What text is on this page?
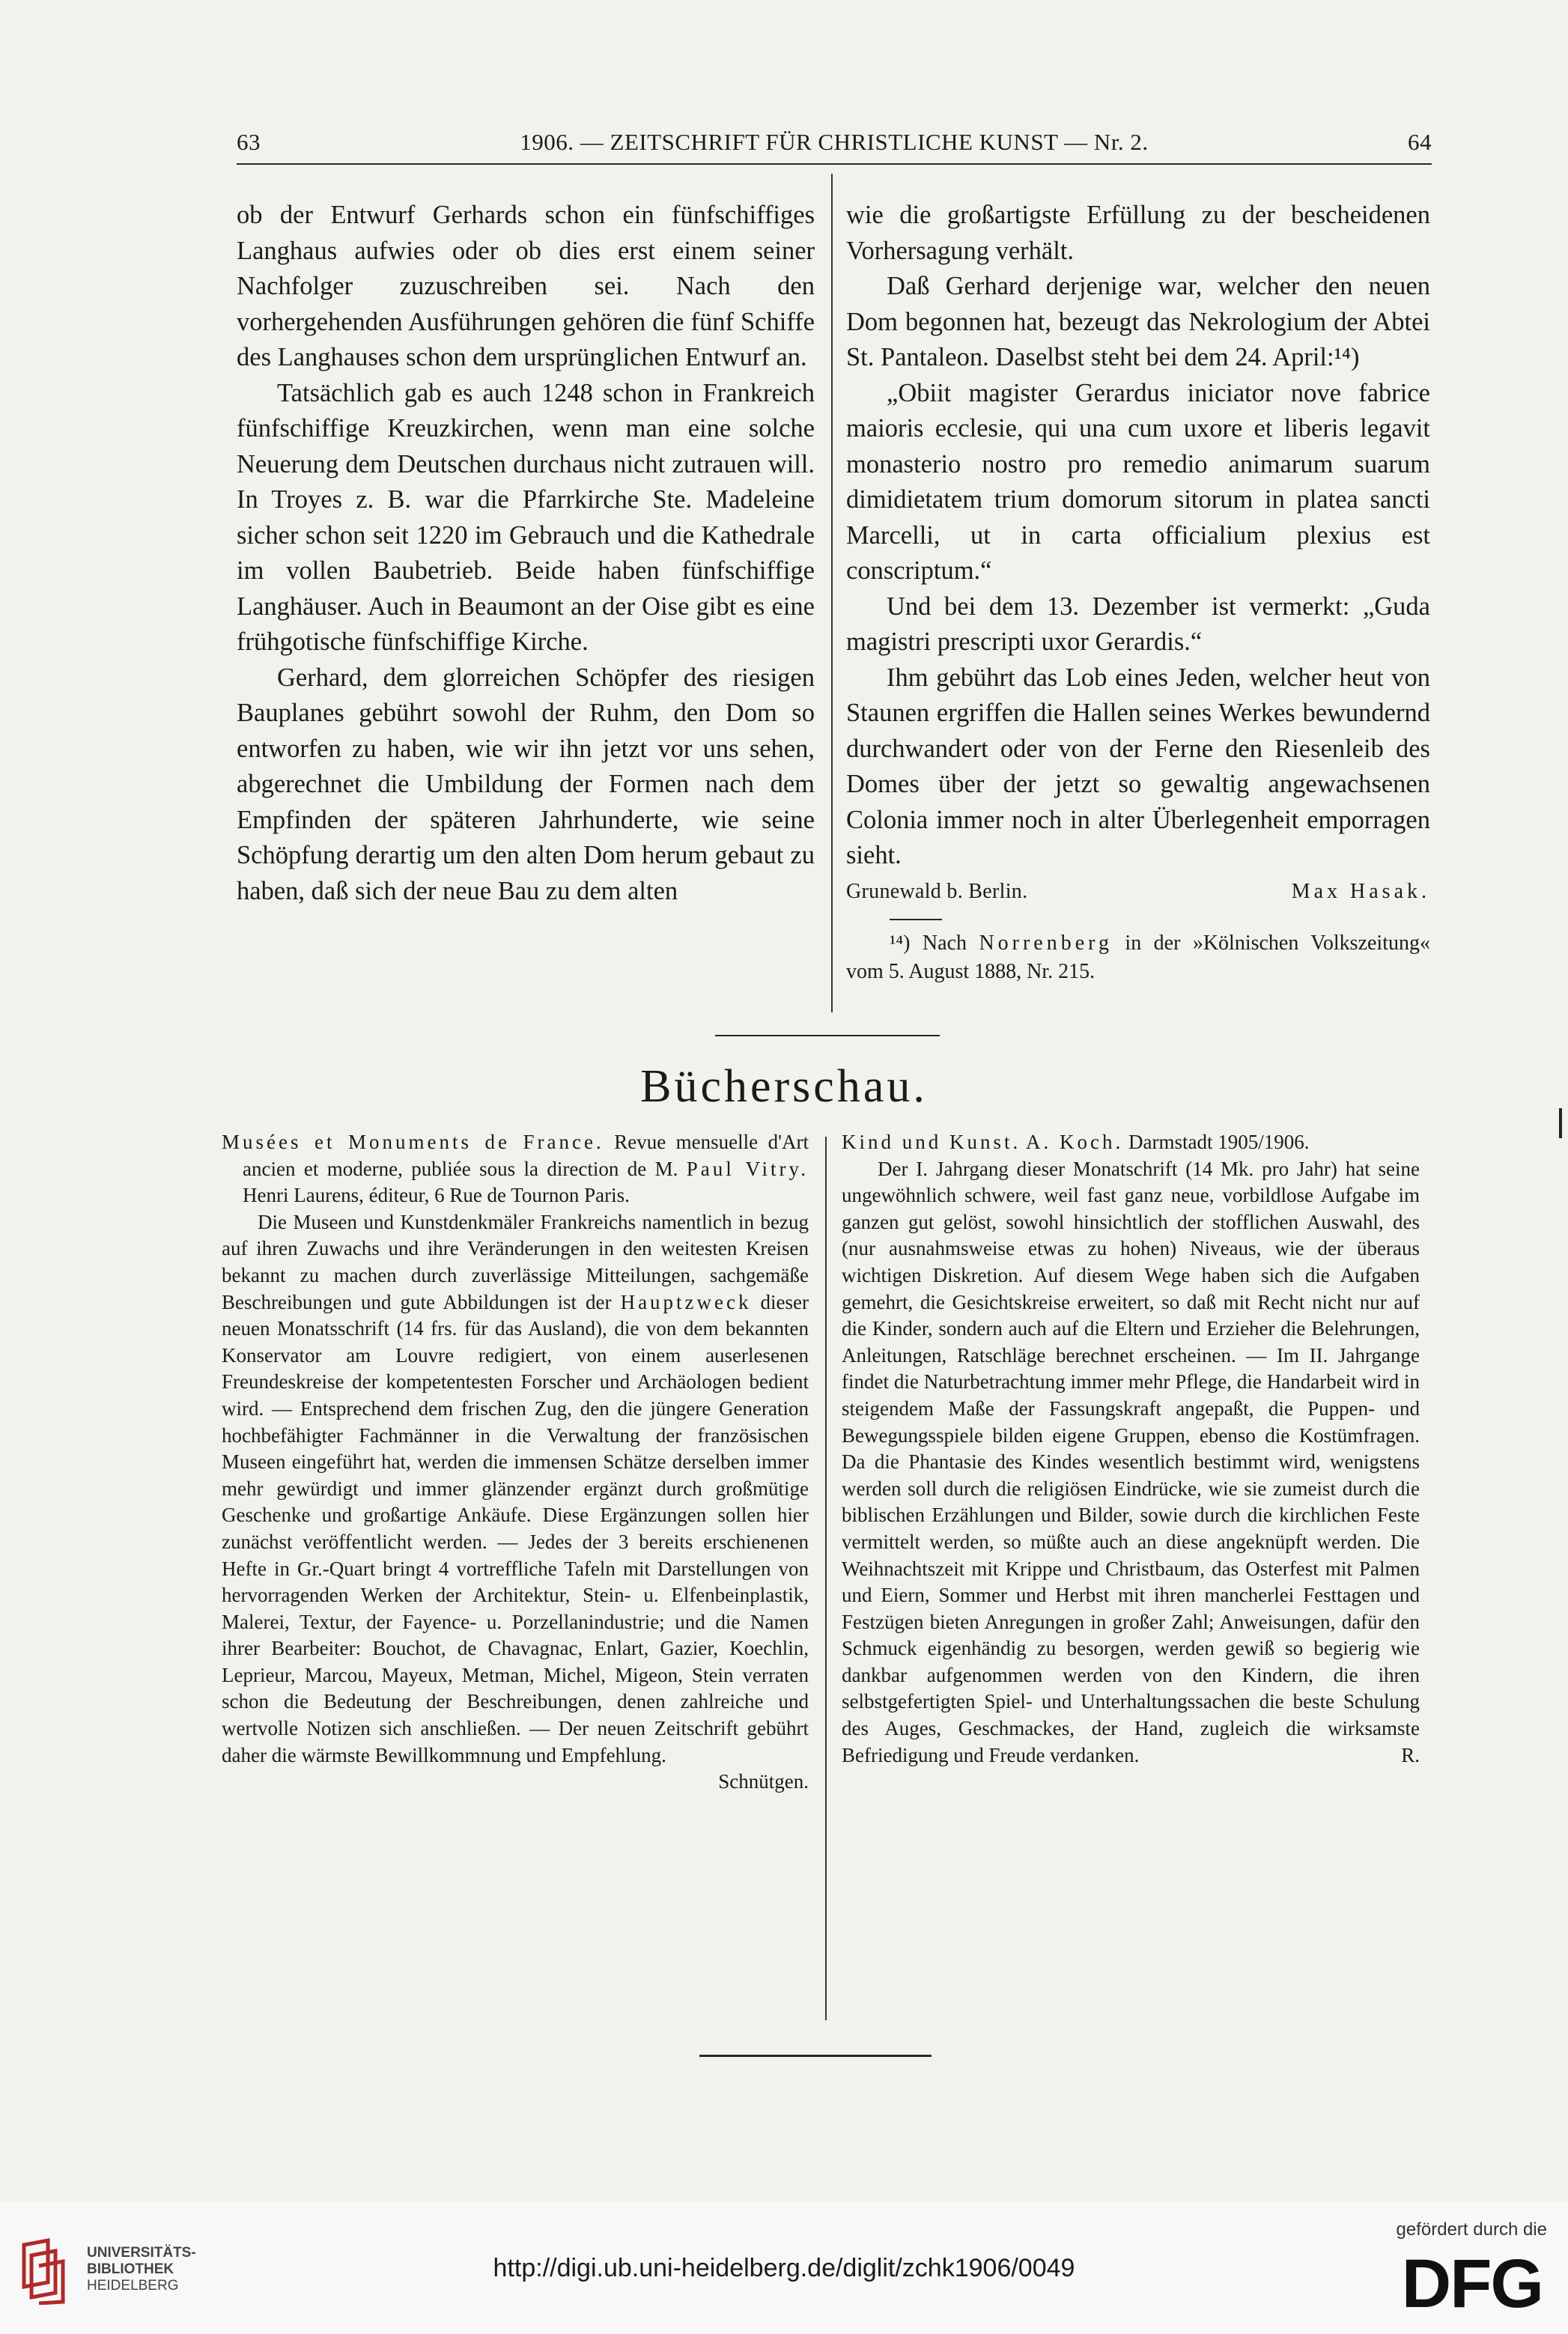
63	1906. — ZEITSCHRIFT FÜR CHRISTLICHE KUNST — Nr. 2.	64

ob der Entwurf Gerhards schon ein fünfschiffiges Langhaus aufwies oder ob dies erst einem seiner Nachfolger zuzuschreiben sei. Nach den vorhergehenden Ausführungen gehören die fünf Schiffe des Langhauses schon dem ursprünglichen Entwurf an.

Tatsächlich gab es auch 1248 schon in Frankreich fünfschiffige Kreuzkirchen, wenn man eine solche Neuerung dem Deutschen durchaus nicht zutrauen will. In Troyes z. B. war die Pfarrkirche Ste. Madeleine sicher schon seit 1220 im Gebrauch und die Kathedrale im vollen Baubetrieb. Beide haben fünfschiffige Langhäuser. Auch in Beaumont an der Oise gibt es eine frühgotische fünfschiffige Kirche.

Gerhard, dem glorreichen Schöpfer des riesigen Bauplanes gebührt sowohl der Ruhm, den Dom so entworfen zu haben, wie wir ihn jetzt vor uns sehen, abgerechnet die Umbildung der Formen nach dem Empfinden der späteren Jahrhunderte, wie seine Schöpfung derartig um den alten Dom herum gebaut zu haben, daß sich der neue Bau zu dem alten

wie die großartigste Erfüllung zu der bescheidenen Vorhersagung verhält.

Daß Gerhard derjenige war, welcher den neuen Dom begonnen hat, bezeugt das Nekrologium der Abtei St. Pantaleon. Daselbst steht bei dem 24. April:¹⁴)

„Obiit magister Gerardus iniciator nove fabrice maioris ecclesie, qui una cum uxore et liberis legavit monasterio nostro pro remedio animarum suarum dimidietatem trium domorum sitorum in platea sancti Marcelli, ut in carta officialium plexius est conscriptum.“

Und bei dem 13. Dezember ist vermerkt: „Guda magistri prescripti uxor Gerardis.“

Ihm gebührt das Lob eines Jeden, welcher heut von Staunen ergriffen die Hallen seines Werkes bewundernd durchwandert oder von der Ferne den Riesenleib des Domes über der jetzt so gewaltig angewachsenen Colonia immer noch in alter Überlegenheit emporragen sieht.

Grunewald b. Berlin.	Max Hasak.
¹⁴) Nach Norrenberg in der »Kölnischen Volkszeitung« vom 5. August 1888, Nr. 215.
Bücherschau.

Musées et Monuments de France. Revue mensuelle d'Art ancien et moderne, publiée sous la direction de M. Paul Vitry. Henri Laurens, éditeur, 6 Rue de Tournon Paris.

Die Museen und Kunstdenkmäler Frankreichs namentlich in bezug auf ihren Zuwachs und ihre Veränderungen in den weitesten Kreisen bekannt zu machen durch zuverlässige Mitteilungen, sachgemäße Beschreibungen und gute Abbildungen ist der Hauptzweck dieser neuen Monatsschrift (14 frs. für das Ausland), die von dem bekannten Konservator am Louvre redigiert, von einem auserlesenen Freundeskreise der kompetentesten Forscher und Archäologen bedient wird. — Entsprechend dem frischen Zug, den die jüngere Generation hochbefähigter Fachmänner in die Verwaltung der französischen Museen eingeführt hat, werden die immensen Schätze derselben immer mehr gewürdigt und immer glänzender ergänzt durch großmütige Geschenke und großartige Ankäufe. Diese Ergänzungen sollen hier zunächst veröffentlicht werden. — Jedes der 3 bereits erschienenen Hefte in Gr.-Quart bringt 4 vortreffliche Tafeln mit Darstellungen von hervorragenden Werken der Architektur, Stein- u. Elfenbeinplastik, Malerei, Textur, der Fayence- u. Porzellanindustrie; und die Namen ihrer Bearbeiter: Bouchot, de Chavagnac, Enlart, Gazier, Koechlin, Leprieur, Marcou, Mayeux, Metman, Michel, Migeon, Stein verraten schon die Bedeutung der Beschreibungen, denen zahlreiche und wertvolle Notizen sich anschließen. — Der neuen Zeitschrift gebührt daher die wärmste Bewillkommnung und Empfehlung.

Schnütgen.

Kind und Kunst. A. Koch. Darmstadt 1905/1906.

Der I. Jahrgang dieser Monatschrift (14 Mk. pro Jahr) hat seine ungewöhnlich schwere, weil fast ganz neue, vorbildlose Aufgabe im ganzen gut gelöst, sowohl hinsichtlich der stofflichen Auswahl, des (nur ausnahmsweise etwas zu hohen) Niveaus, wie der überaus wichtigen Diskretion. Auf diesem Wege haben sich die Aufgaben gemehrt, die Gesichtskreise erweitert, so daß mit Recht nicht nur auf die Kinder, sondern auch auf die Eltern und Erzieher die Belehrungen, Anleitungen, Ratschläge berechnet erscheinen. — Im II. Jahrgange findet die Naturbetrachtung immer mehr Pflege, die Handarbeit wird in steigendem Maße der Fassungskraft angepaßt, die Puppen- und Bewegungsspiele bilden eigene Gruppen, ebenso die Kostümfragen. Da die Phantasie des Kindes wesentlich bestimmt wird, wenigstens werden soll durch die religiösen Eindrücke, wie sie zumeist durch die biblischen Erzählungen und Bilder, sowie durch die kirchlichen Feste vermittelt werden, so müßte auch an diese angeknüpft werden. Die Weihnachtszeit mit Krippe und Christbaum, das Osterfest mit Palmen und Eiern, Sommer und Herbst mit ihren mancherlei Festtagen und Festzügen bieten Anregungen in großer Zahl; Anweisungen, dafür den Schmuck eigenhändig zu besorgen, werden gewiß so begierig wie dankbar aufgenommen werden von den Kindern, die ihren selbstgefertigten Spiel- und Unterhaltungssachen die beste Schulung des Auges, Geschmackes, der Hand, zugleich die wirksamste Befriedigung und Freude verdanken.	R.

UNIVERSITÄTS-
BIBLIOTHEK
HEIDELBERG
http://digi.ub.uni-heidelberg.de/diglit/zchk1906/0049
gefördert durch die
DFG
